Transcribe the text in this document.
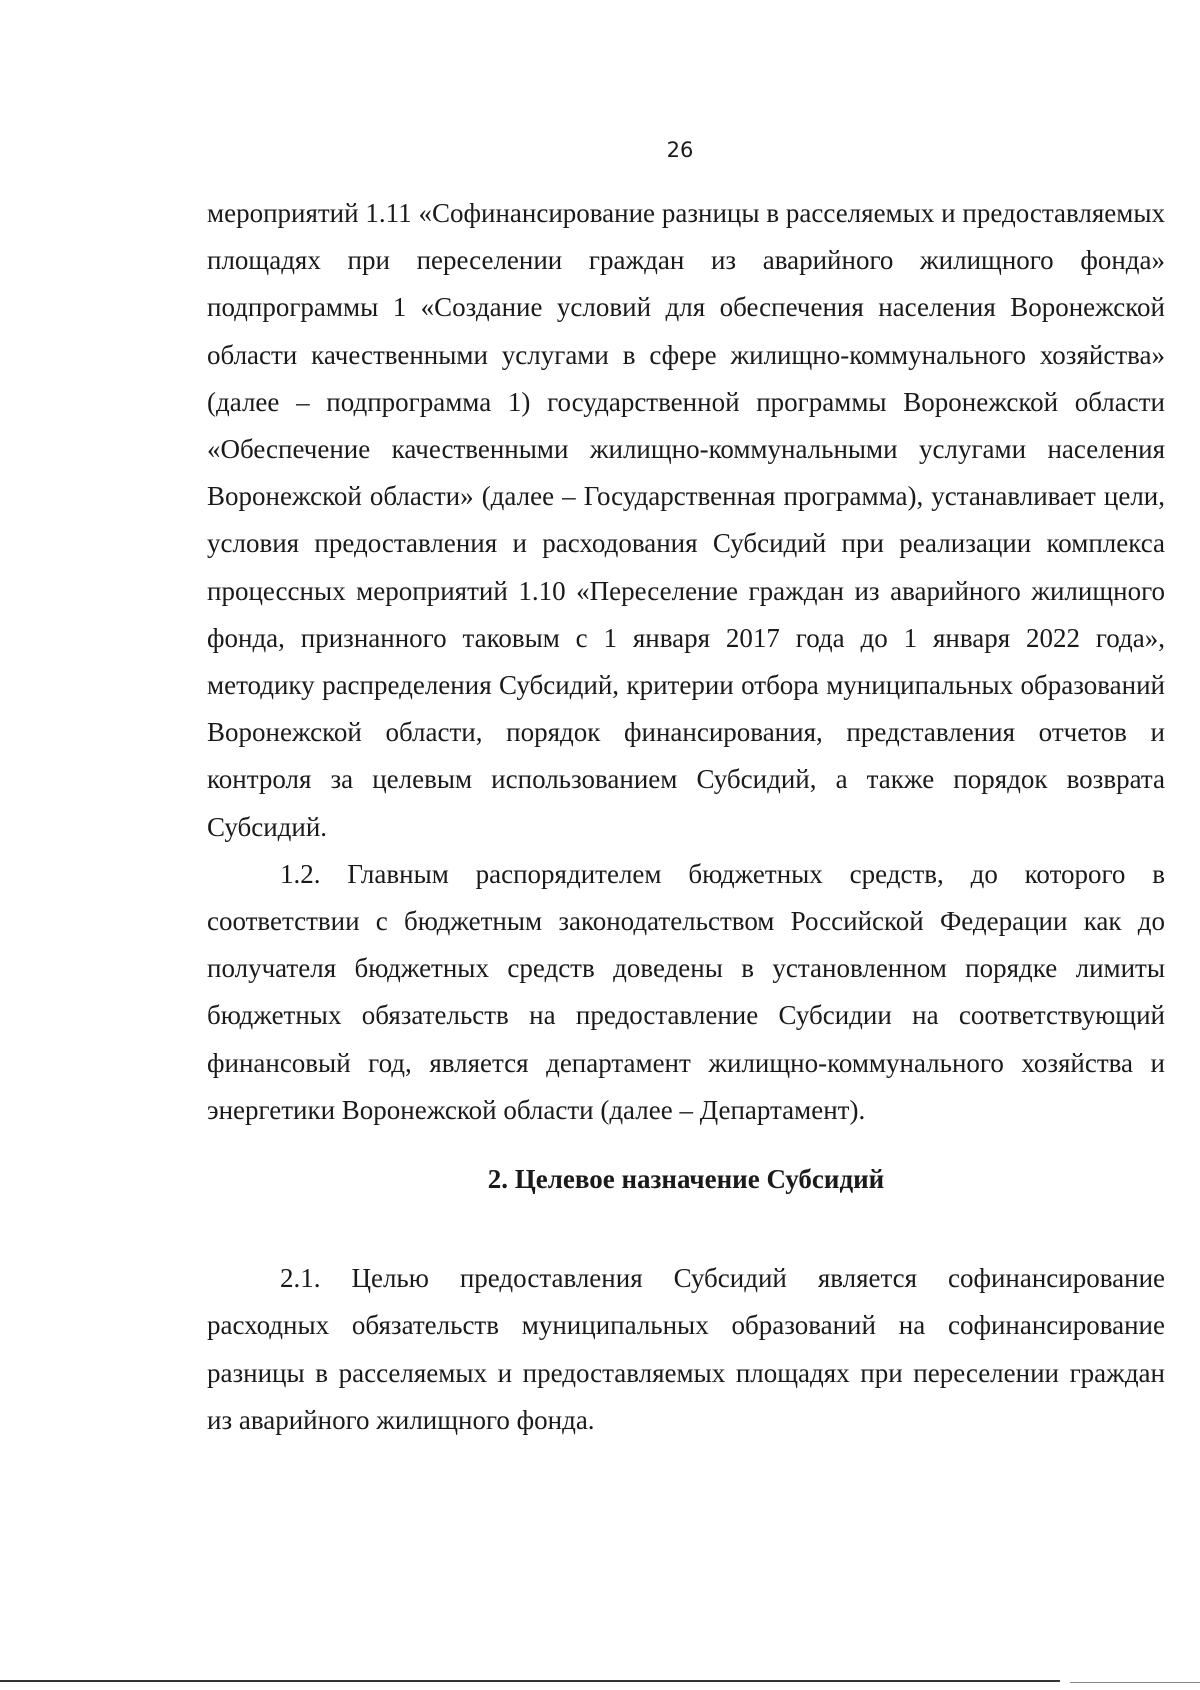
26

мероприятий 1.11 «Софинансирование разницы в расселяемых и предоставляемых площадях при переселении граждан из аварийного жилищного фонда» подпрограммы 1 «Создание условий для обеспечения населения Воронежской области качественными услугами в сфере жилищно-коммунального хозяйства» (далее – подпрограмма 1) государственной программы Воронежской области «Обеспечение качественными жилищно-коммунальными услугами населения Воронежской области» (далее – Государственная программа), устанавливает цели, условия предоставления и расходования Субсидий при реализации комплекса процессных мероприятий 1.10 «Переселение граждан из аварийного жилищного фонда, признанного таковым с 1 января 2017 года до 1 января 2022 года», методику распределения Субсидий, критерии отбора муниципальных образований Воронежской области, порядок финансирования, представления отчетов и контроля за целевым использованием Субсидий, а также порядок возврата Субсидий.

1.2. Главным распорядителем бюджетных средств, до которого в соответствии с бюджетным законодательством Российской Федерации как до получателя бюджетных средств доведены в установленном порядке лимиты бюджетных обязательств на предоставление Субсидии на соответствующий финансовый год, является департамент жилищно-коммунального хозяйства и энергетики Воронежской области (далее – Департамент).

2. Целевое назначение Субсидий

2.1. Целью предоставления Субсидий является софинансирование расходных обязательств муниципальных образований на софинансирование разницы в расселяемых и предоставляемых площадях при переселении граждан из аварийного жилищного фонда.
